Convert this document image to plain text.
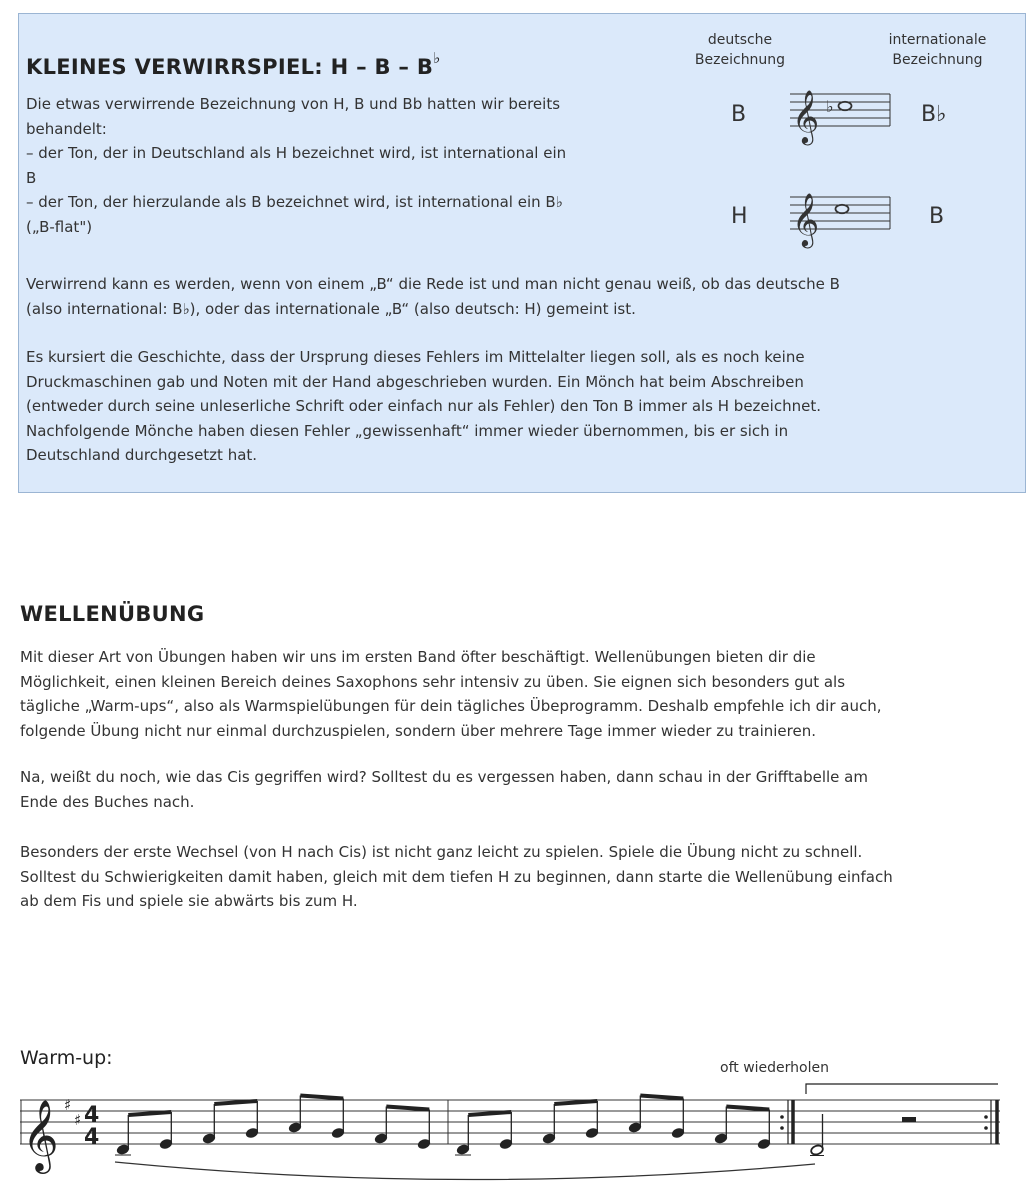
KLEINES VERWIRRSPIEL: H – B – B♭
Die etwas verwirrende Bezeichnung von H, B und Bb hatten wir bereits
behandelt:
– der Ton, der in Deutschland als H bezeichnet wird, ist international ein
B
– der Ton, der hierzulande als B bezeichnet wird, ist international ein B♭
(„B-flat")
Verwirrend kann es werden, wenn von einem „B“ die Rede ist und man nicht genau weiß, ob das deutsche B
(also international: B♭), oder das internationale „B“ (also deutsch: H) gemeint ist.
Es kursiert die Geschichte, dass der Ursprung dieses Fehlers im Mittelalter liegen soll, als es noch keine
Druckmaschinen gab und Noten mit der Hand abgeschrieben wurden. Ein Mönch hat beim Abschreiben
(entweder durch seine unleserliche Schrift oder einfach nur als Fehler) den Ton B immer als H bezeichnet.
Nachfolgende Mönche haben diesen Fehler „gewissenhaft“ immer wieder übernommen, bis er sich in
Deutschland durchgesetzt hat.
deutsche
Bezeichnung
internationale
Bezeichnung
B	B♭
H	B
𝄞 ♭
𝄞
WELLENÜBUNG
Mit dieser Art von Übungen haben wir uns im ersten Band öfter beschäftigt. Wellenübungen bieten dir die
Möglichkeit, einen kleinen Bereich deines Saxophons sehr intensiv zu üben. Sie eignen sich besonders gut als
tägliche „Warm-ups“, also als Warmspielübungen für dein tägliches Übeprogramm. Deshalb empfehle ich dir auch,
folgende Übung nicht nur einmal durchzuspielen, sondern über mehrere Tage immer wieder zu trainieren.
Na, weißt du noch, wie das Cis gegriffen wird? Solltest du es vergessen haben, dann schau in der Grifftabelle am
Ende des Buches nach.
Besonders der erste Wechsel (von H nach Cis) ist nicht ganz leicht zu spielen. Spiele die Übung nicht zu schnell.
Solltest du Schwierigkeiten damit haben, gleich mit dem tiefen H zu beginnen, dann starte die Wellenübung einfach
ab dem Fis und spiele sie abwärts bis zum H.
Warm-up:	oft wiederholen
𝄞 ♯
♯ 4
4
